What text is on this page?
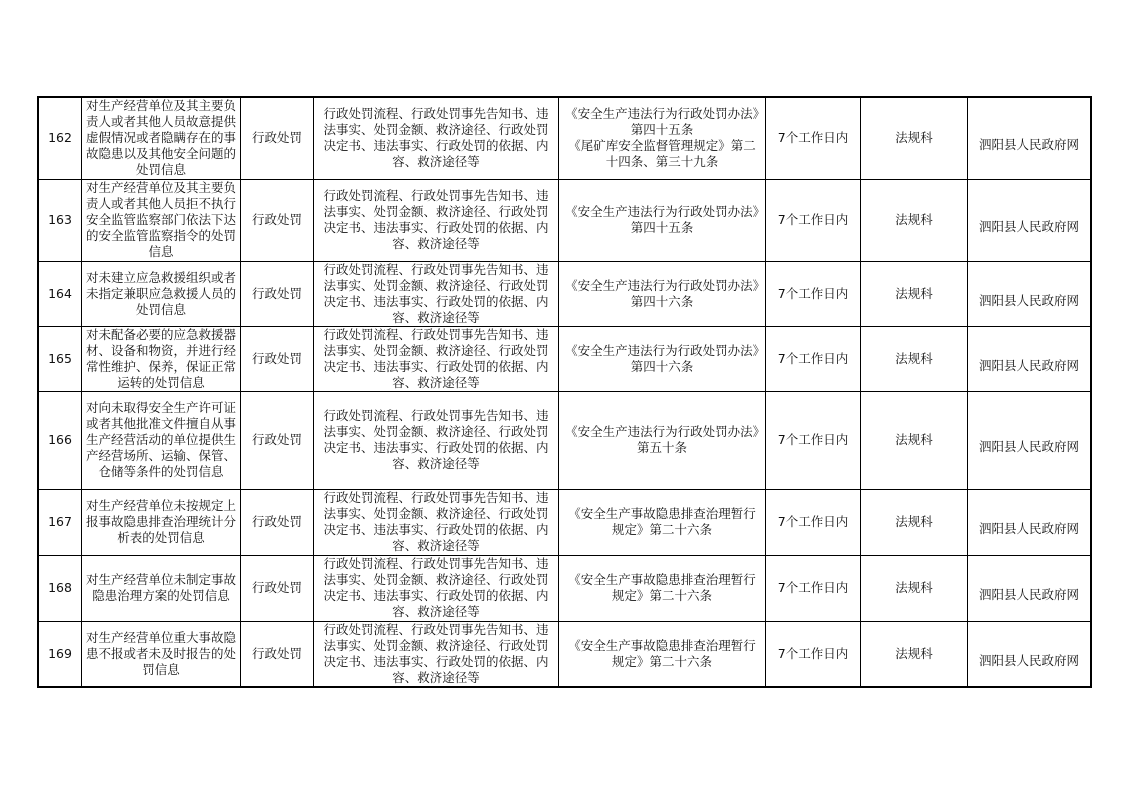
162	对生产经营单位及其主要负责人或者其他人员故意提供虚假情况或者隐瞒存在的事故隐患以及其他安全问题的处罚信息	行政处罚	行政处罚流程、行政处罚事先告知书、违法事实、处罚金额、救济途径、行政处罚决定书、违法事实、行政处罚的依据、内容、救济途径等	《安全生产违法行为行政处罚办法》第四十五条
《尾矿库安全监督管理规定》第二十四条、第三十九条	7个工作日内	法规科	泗阳县人民政府网
163	对生产经营单位及其主要负责人或者其他人员拒不执行安全监管监察部门依法下达的安全监管监察指令的处罚信息	行政处罚	行政处罚流程、行政处罚事先告知书、违法事实、处罚金额、救济途径、行政处罚决定书、违法事实、行政处罚的依据、内容、救济途径等	《安全生产违法行为行政处罚办法》第四十五条	7个工作日内	法规科	泗阳县人民政府网
164	对未建立应急救援组织或者未指定兼职应急救援人员的处罚信息	行政处罚	行政处罚流程、行政处罚事先告知书、违法事实、处罚金额、救济途径、行政处罚决定书、违法事实、行政处罚的依据、内容、救济途径等	《安全生产违法行为行政处罚办法》第四十六条	7个工作日内	法规科	泗阳县人民政府网
165	对未配备必要的应急救援器材、设备和物资，并进行经常性维护、保养，保证正常运转的处罚信息	行政处罚	行政处罚流程、行政处罚事先告知书、违法事实、处罚金额、救济途径、行政处罚决定书、违法事实、行政处罚的依据、内容、救济途径等	《安全生产违法行为行政处罚办法》第四十六条	7个工作日内	法规科	泗阳县人民政府网
166	对向未取得安全生产许可证或者其他批准文件擅自从事生产经营活动的单位提供生产经营场所、运输、保管、仓储等条件的处罚信息	行政处罚	行政处罚流程、行政处罚事先告知书、违法事实、处罚金额、救济途径、行政处罚决定书、违法事实、行政处罚的依据、内容、救济途径等	《安全生产违法行为行政处罚办法》第五十条	7个工作日内	法规科	泗阳县人民政府网
167	对生产经营单位未按规定上报事故隐患排查治理统计分析表的处罚信息	行政处罚	行政处罚流程、行政处罚事先告知书、违法事实、处罚金额、救济途径、行政处罚决定书、违法事实、行政处罚的依据、内容、救济途径等	《安全生产事故隐患排查治理暂行规定》第二十六条	7个工作日内	法规科	泗阳县人民政府网
168	对生产经营单位未制定事故隐患治理方案的处罚信息	行政处罚	行政处罚流程、行政处罚事先告知书、违法事实、处罚金额、救济途径、行政处罚决定书、违法事实、行政处罚的依据、内容、救济途径等	《安全生产事故隐患排查治理暂行规定》第二十六条	7个工作日内	法规科	泗阳县人民政府网
169	对生产经营单位重大事故隐患不报或者未及时报告的处罚信息	行政处罚	行政处罚流程、行政处罚事先告知书、违法事实、处罚金额、救济途径、行政处罚决定书、违法事实、行政处罚的依据、内容、救济途径等	《安全生产事故隐患排查治理暂行规定》第二十六条	7个工作日内	法规科	泗阳县人民政府网
